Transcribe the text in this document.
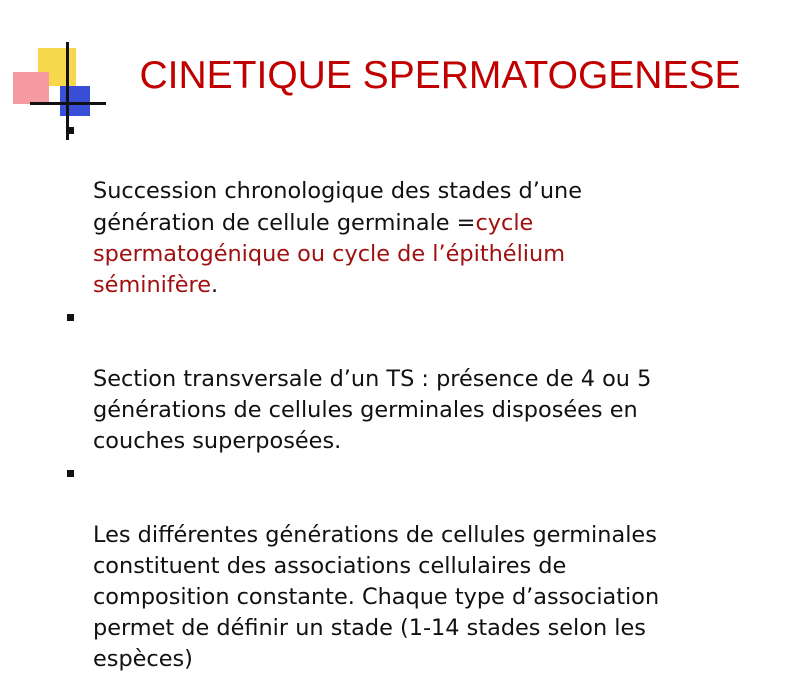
CINETIQUE SPERMATOGENESE

Succession chronologique des stades d’une
génération de cellule germinale =cycle
spermatogénique ou cycle de l’épithélium
séminifère.

Section transversale d’un TS : présence de 4 ou 5
générations de cellules germinales disposées en
couches superposées.

Les différentes générations de cellules germinales
constituent des associations cellulaires de
composition constante. Chaque type d’association
permet de définir un stade (1-14 stades selon les
espèces)
